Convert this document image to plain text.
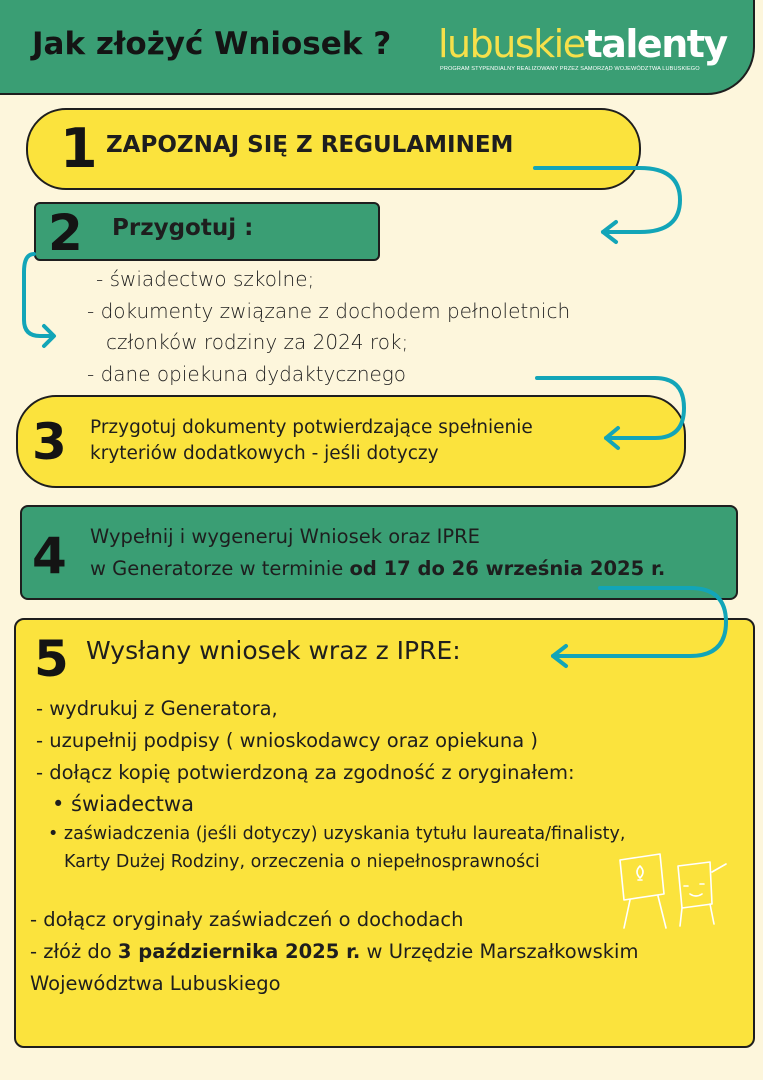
Jak złożyć Wniosek ? lubuskietalenty
PROGRAM STYPENDIALNY REALIZOWANY PRZEZ SAMORZĄD WOJEWÓDZTWA LUBUSKIEGO
1 ZAPOZNAJ SIĘ Z REGULAMINEM
2 Przygotuj :
- świadectwo szkolne;
- dokumenty związane z dochodem pełnoletnich
członków rodziny za 2024 rok;
- dane opiekuna dydaktycznego
3 Przygotuj dokumenty potwierdzające spełnienie
kryteriów dodatkowych - jeśli dotyczy
4 Wypełnij i wygeneruj Wniosek oraz IPRE
w Generatorze w terminie od 17 do 26 września 2025 r.
5 Wysłany wniosek wraz z IPRE:
- wydrukuj z Generatora,
- uzupełnij podpisy ( wnioskodawcy oraz opiekuna )
- dołącz kopię potwierdzoną za zgodność z oryginałem:
• świadectwa
• zaświadczenia (jeśli dotyczy) uzyskania tytułu laureata/finalisty,
Karty Dużej Rodziny, orzeczenia o niepełnosprawności
- dołącz oryginały zaświadczeń o dochodach
- złóż do 3 października 2025 r. w Urzędzie Marszałkowskim
Województwa Lubuskiego
